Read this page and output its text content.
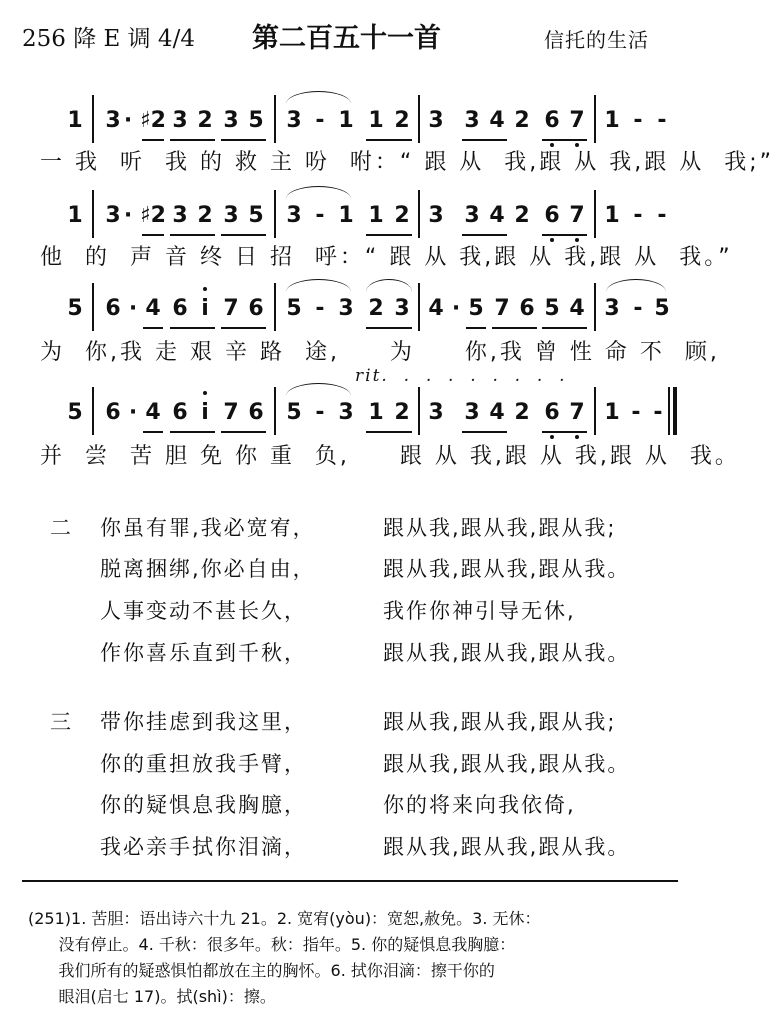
256 降 E 调 4/4 第二百五十一首	信托的生活
1 3 · ♯2 3 2 3 5 3 - 1 1 2 3 3 4 2 6 7 1 - -
一 我  听  我 的 救 主 吩  咐：“ 跟 从  我,跟 从 我,跟 从  我;”
1 3 · ♯2 3 2 3 5 3 - 1 1 2 3 3 4 2 6 7 1 - -
他  的  声 音 终 日 招  呼：“ 跟 从 我,跟 从 我,跟 从  我。”
5 6 · 4 6 i 7 6 5 - 3 2 3 4 · 5 7 6 5 4 3 - 5
为  你,我 走 艰 辛 路  途,     为     你,我 曾 性 命 不  顾,
rit.  .  .  .  .  .  .  .  .
5 6 · 4 6 i 7 6 5 - 3 1 2 3 3 4 2 6 7 1 - -
并  尝  苦 胆 免 你 重  负,     跟 从 我,跟 从 我,跟 从  我。
二 你虽有罪,我必宽宥，	跟从我,跟从我,跟从我;
脱离捆绑,你必自由，	跟从我,跟从我,跟从我。
人事变动不甚长久，	我作你神引导无休,
作你喜乐直到千秋，	跟从我,跟从我,跟从我。
三 带你挂虑到我这里，	跟从我,跟从我,跟从我;
你的重担放我手臂，	跟从我,跟从我,跟从我。
你的疑惧息我胸臆，	你的将来向我依倚,
我必亲手拭你泪滴，	跟从我,跟从我,跟从我。
(251)1. 苦胆：语出诗六十九 21。2. 宽宥(yòu)：宽恕,赦免。3. 无休：
没有停止。4. 千秋：很多年。秋：指年。5. 你的疑惧息我胸臆：
我们所有的疑惑惧怕都放在主的胸怀。6. 拭你泪滴：擦干你的
眼泪(启七 17)。拭(shì)：擦。
